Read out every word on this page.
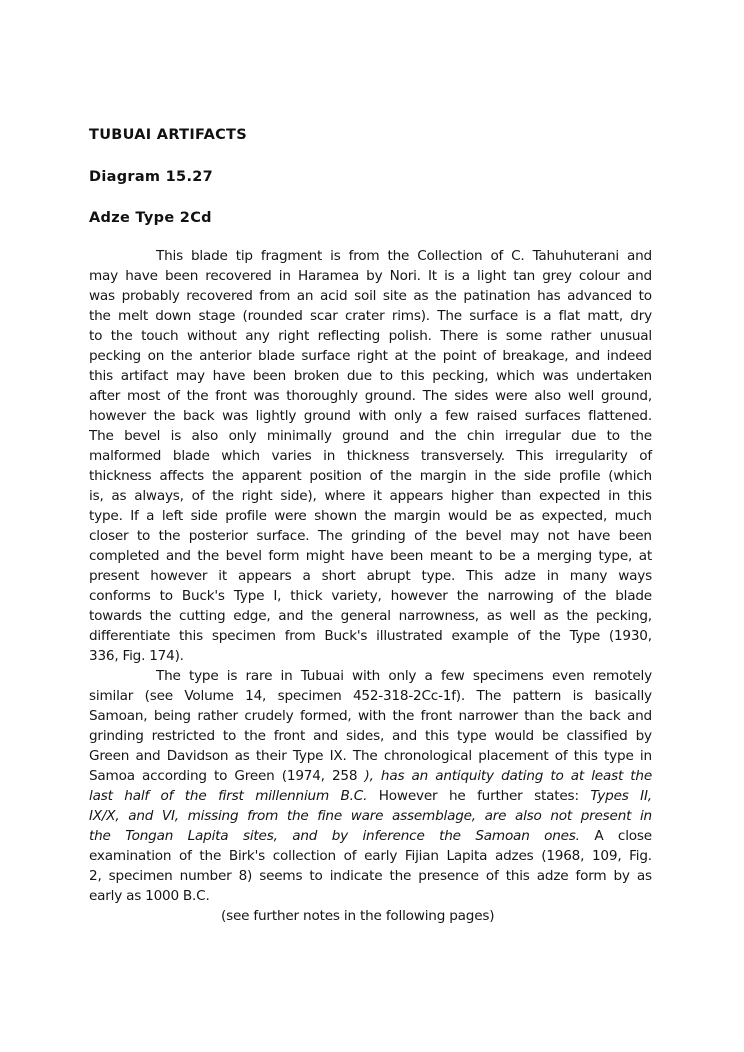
TUBUAI ARTIFACTS
Diagram 15.27
Adze Type 2Cd
This blade tip fragment is from the Collection of C. Tahuhuterani and
may have been recovered in Haramea by Nori. It is a light tan grey colour and
was probably recovered from an acid soil site as the patination has advanced to
the melt down stage (rounded scar crater rims). The surface is a flat matt, dry
to the touch without any right reflecting polish. There is some rather unusual
pecking on the anterior blade surface right at the point of breakage, and indeed
this artifact may have been broken due to this pecking, which was undertaken
after most of the front was thoroughly ground. The sides were also well ground,
however the back was lightly ground with only a few raised surfaces flattened.
The bevel is also only minimally ground and the chin irregular due to the
malformed blade which varies in thickness transversely. This irregularity of
thickness affects the apparent position of the margin in the side profile (which
is, as always, of the right side), where it appears higher than expected in this
type. If a left side profile were shown the margin would be as expected, much
closer to the posterior surface. The grinding of the bevel may not have been
completed and the bevel form might have been meant to be a merging type, at
present however it appears a short abrupt type. This adze in many ways
conforms to Buck's Type I, thick variety, however the narrowing of the blade
towards the cutting edge, and the general narrowness, as well as the pecking,
differentiate this specimen from Buck's illustrated example of the Type (1930,
336, Fig. 174).
The type is rare in Tubuai with only a few specimens even remotely
similar (see Volume 14, specimen 452-318-2Cc-1f). The pattern is basically
Samoan, being rather crudely formed, with the front narrower than the back and
grinding restricted to the front and sides, and this type would be classified by
Green and Davidson as their Type IX. The chronological placement of this type in
Samoa according to Green (1974, 258 ), has an antiquity dating to at least the
last half of the first millennium B.C. However he further states: Types II,
IX/X, and VI, missing from the fine ware assemblage, are also not present in
the Tongan Lapita sites, and by inference the Samoan ones. A close
examination of the Birk's collection of early Fijian Lapita adzes (1968, 109, Fig.
2, specimen number 8) seems to indicate the presence of this adze form by as
early as 1000 B.C.
(see further notes in the following pages)
